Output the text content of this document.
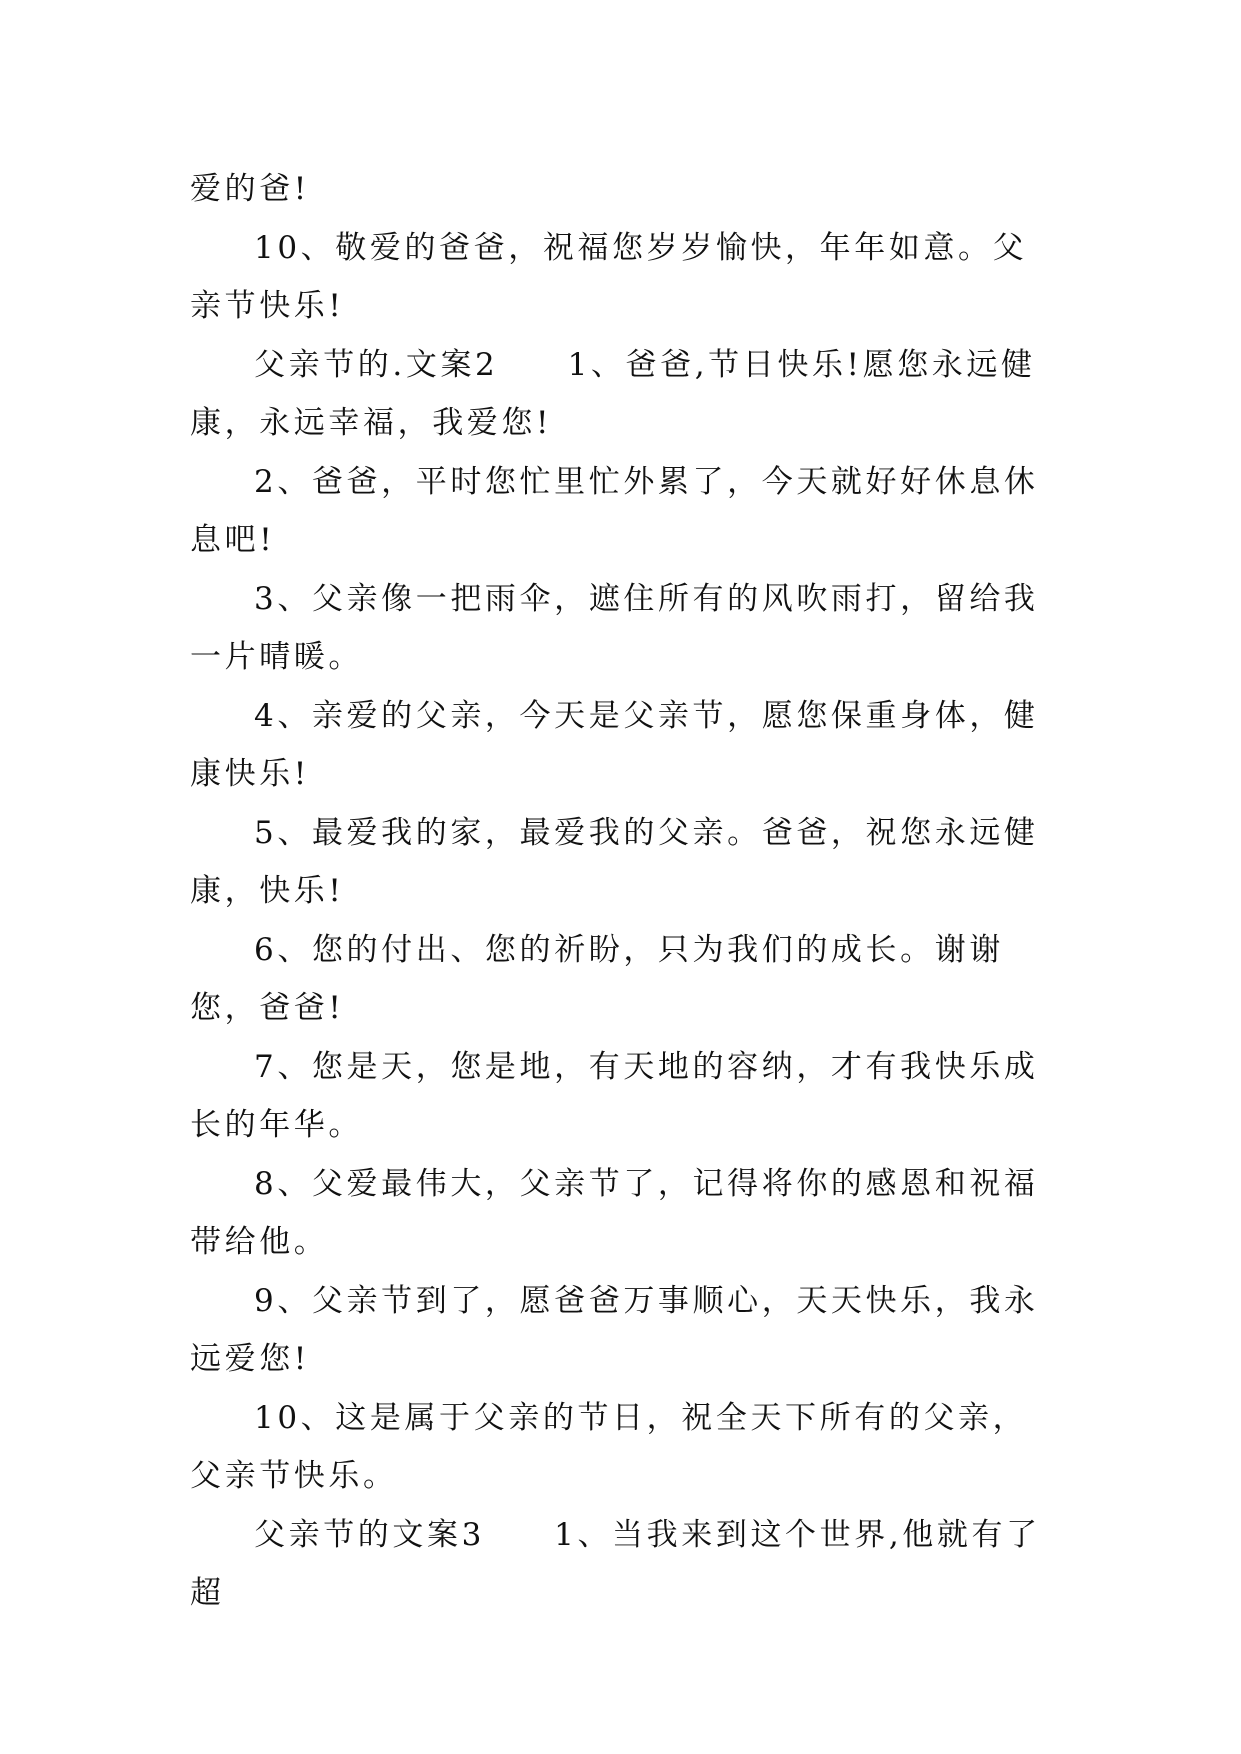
爱的爸!

10、敬爱的爸爸，祝福您岁岁愉快，年年如意。父亲节快乐!

父亲节的.文案2　　1、爸爸,节日快乐!愿您永远健康，永远幸福，我爱您!

2、爸爸，平时您忙里忙外累了，今天就好好休息休息吧!

3、父亲像一把雨伞，遮住所有的风吹雨打，留给我一片晴暖。

4、亲爱的父亲，今天是父亲节，愿您保重身体，健康快乐!

5、最爱我的家，最爱我的父亲。爸爸，祝您永远健康，快乐!

6、您的付出、您的祈盼，只为我们的成长。谢谢您，爸爸!

7、您是天，您是地，有天地的容纳，才有我快乐成长的年华。

8、父爱最伟大，父亲节了，记得将你的感恩和祝福带给他。

9、父亲节到了，愿爸爸万事顺心，天天快乐，我永远爱您!

10、这是属于父亲的节日，祝全天下所有的父亲，父亲节快乐。

父亲节的文案3　　1、当我来到这个世界,他就有了超
